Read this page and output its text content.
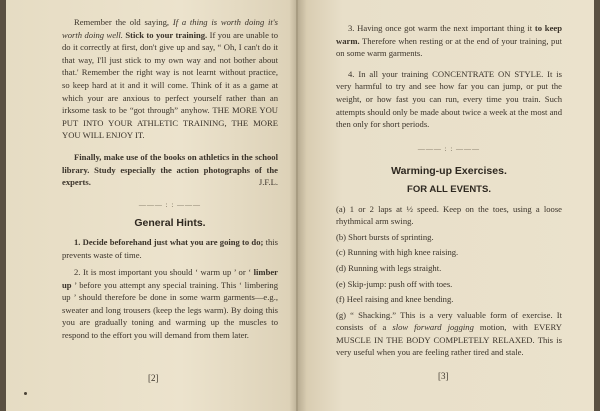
Remember the old saying, If a thing is worth doing it's worth doing well. Stick to your training. If you are unable to do it correctly at first, don't give up and say, “ Oh, I can't do it that way, I'll just stick to my own way and not bother about that.' Remember the right way is not learnt without practice, so keep hard at it and it will come. Think of it as a game at which your are anxious to perfect yourself rather than an irksome task to be “got through” anyhow. THE MORE YOU PUT INTO YOUR ATHLETIC TRAINING, THE MORE YOU WILL ENJOY IT.

Finally, make use of the books on athletics in the school library. Study especially the action photographs of the experts.	J.F.L.

——— : : ———
General Hints.

1. Decide beforehand just what you are going to do; this prevents waste of time.

2. It is most important you should ‘ warm up ’ or ‘ limber up ’ before you attempt any special training. This ‘ limbering up ’ should therefore be done in some warm garments—e.g., sweater and long trousers (keep the legs warm). By doing this you are gradually toning and warming up the muscles to respond to the effort you will demand from them later.

[2]

3. Having once got warm the next important thing it to keep warm. Therefore when resting or at the end of your training, put on some warm garments.

4. In all your training CONCENTRATE ON STYLE. It is very harmful to try and see how far you can jump, or put the weight, or how fast you can run, every time you train. Such attempts should only be made about twice a week at the most and then only for short periods.

——— : : ———
Warming-up Exercises.
FOR ALL EVENTS.

(a) 1 or 2 laps at ½ speed. Keep on the toes, using a loose rhythmical arm swing.

(b) Short bursts of sprinting.

(c) Running with high knee raising.

(d) Running with legs straight.

(e) Skip-jump: push off with toes.

(f) Heel raising and knee bending.

(g) “ Shacking.” This is a very valuable form of exercise. It consists of a slow forward jogging motion, with EVERY MUSCLE IN THE BODY COMPLETELY RELAXED. This is very useful when you are feeling rather tired and stale.

[3]
